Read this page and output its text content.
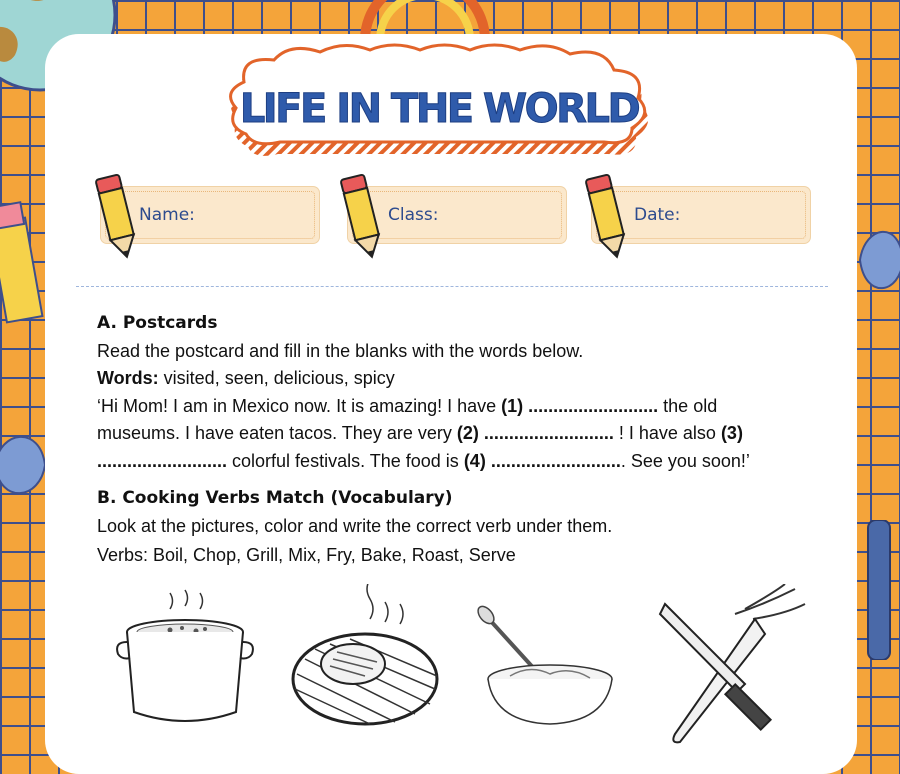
LIFE IN THE WORLD
Name:	Class:	Date:
A. Postcards
Read the postcard and fill in the blanks with the words below.
Words: visited, seen, delicious, spicy
‘Hi Mom! I am in Mexico now. It is amazing! I have (1) .......................... the old
museums. I have eaten tacos. They are very (2) .......................... ! I have also (3)
.......................... colorful festivals. The food is (4) ........................... See you soon!’
B. Cooking Verbs Match (Vocabulary)
Look at the pictures, color and write the correct verb under them.
Verbs: Boil, Chop, Grill, Mix, Fry, Bake, Roast, Serve
